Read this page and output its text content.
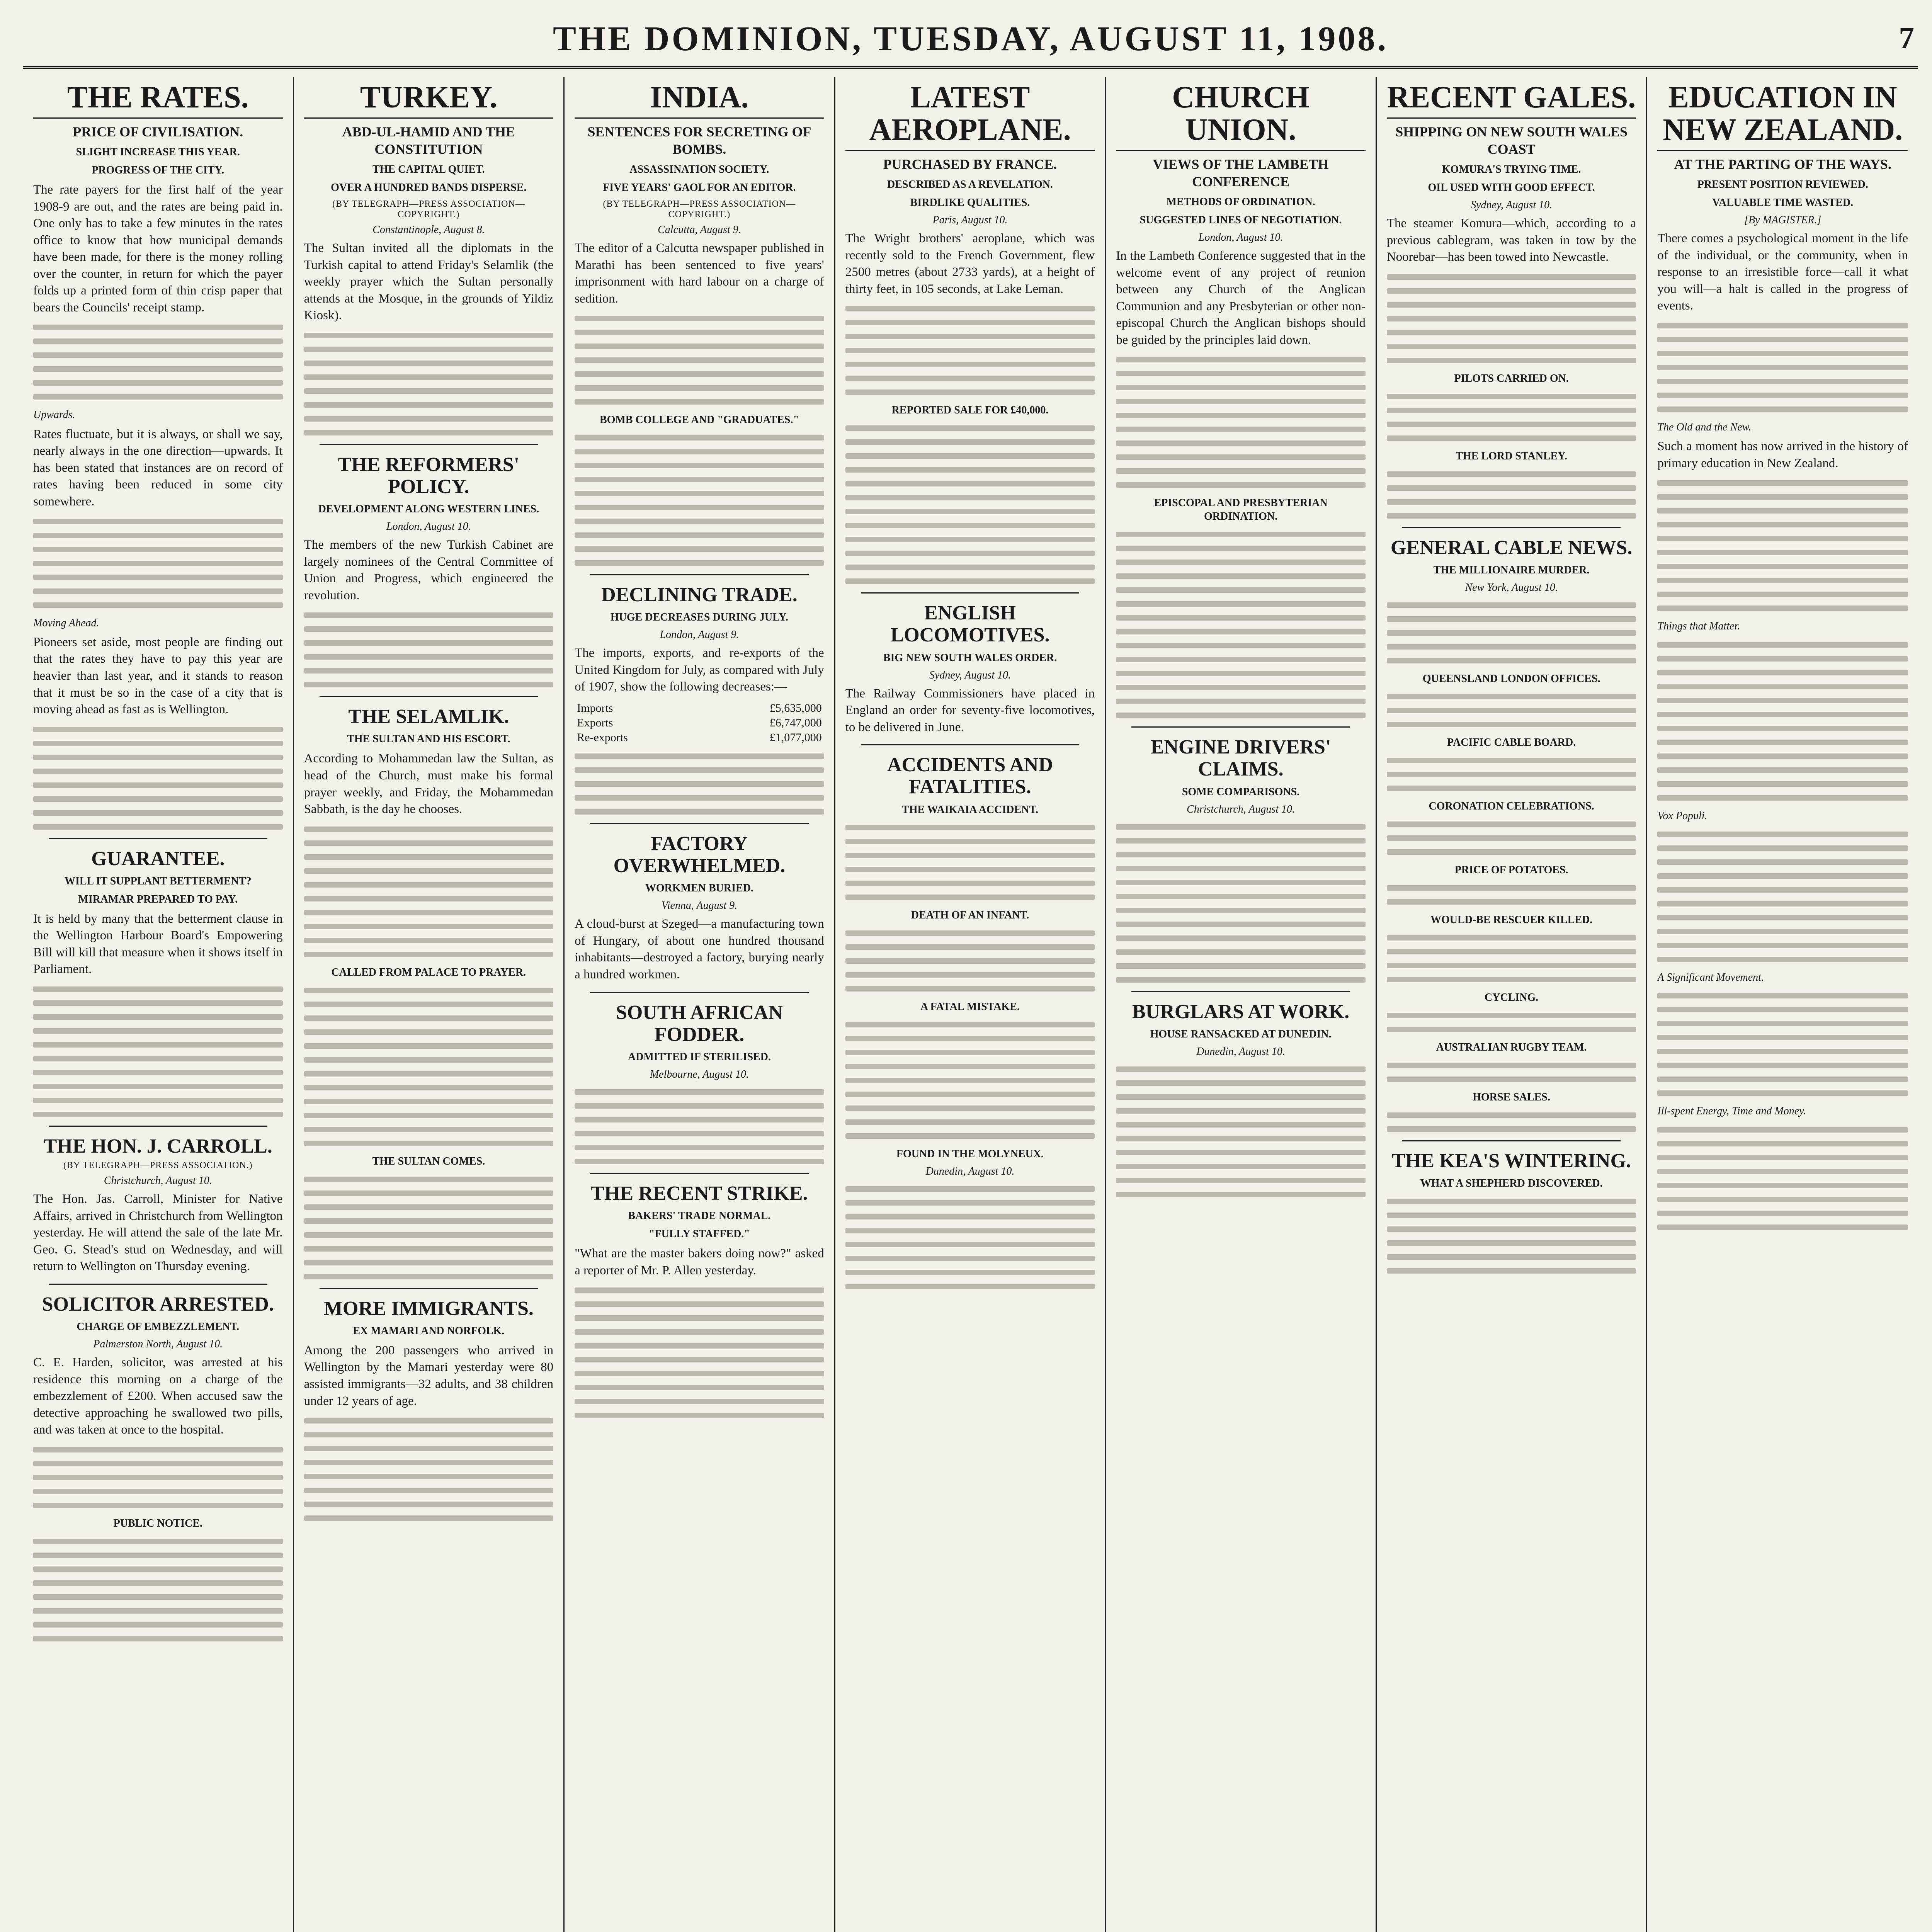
THE DOMINION, TUESDAY, AUGUST 11, 1908.	7
THE RATES.
PRICE OF CIVILISATION.
SLIGHT INCREASE THIS YEAR.
PROGRESS OF THE CITY.

The rate payers for the first half of the year 1908-9 are out, and the rates are being paid in. One only has to take a few minutes in the rates office to know that how municipal demands have been made, for there is the money rolling over the counter, in return for which the payer folds up a printed form of thin crisp paper that bears the Councils' receipt stamp.

Upwards.

Rates fluctuate, but it is always, or shall we say, nearly always in the one direction—upwards. It has been stated that instances are on record of rates having been reduced in some city somewhere.

Moving Ahead.

Pioneers set aside, most people are finding out that the rates they have to pay this year are heavier than last year, and it stands to reason that it must be so in the case of a city that is moving ahead as fast as is Wellington.

GUARANTEE.
WILL IT SUPPLANT BETTERMENT?
MIRAMAR PREPARED TO PAY.

It is held by many that the betterment clause in the Wellington Harbour Board's Empowering Bill will kill that measure when it shows itself in Parliament.

THE HON. J. CARROLL.
(BY TELEGRAPH—PRESS ASSOCIATION.)
Christchurch, August 10.

The Hon. Jas. Carroll, Minister for Native Affairs, arrived in Christchurch from Wellington yesterday. He will attend the sale of the late Mr. Geo. G. Stead's stud on Wednesday, and will return to Wellington on Thursday evening.

SOLICITOR ARRESTED.
CHARGE OF EMBEZZLEMENT.
Palmerston North, August 10.

C. E. Harden, solicitor, was arrested at his residence this morning on a charge of the embezzlement of £200. When accused saw the detective approaching he swallowed two pills, and was taken at once to the hospital.

PUBLIC NOTICE.
TURKEY.
ABD-UL-HAMID AND THE CONSTITUTION
THE CAPITAL QUIET.
OVER A HUNDRED BANDS DISPERSE.
(BY TELEGRAPH—PRESS ASSOCIATION—COPYRIGHT.)
Constantinople, August 8.

The Sultan invited all the diplomats in the Turkish capital to attend Friday's Selamlik (the weekly prayer which the Sultan personally attends at the Mosque, in the grounds of Yildiz Kiosk).

THE REFORMERS' POLICY.
DEVELOPMENT ALONG WESTERN LINES.
London, August 10.

The members of the new Turkish Cabinet are largely nominees of the Central Committee of Union and Progress, which engineered the revolution.

THE SELAMLIK.
THE SULTAN AND HIS ESCORT.

According to Mohammedan law the Sultan, as head of the Church, must make his formal prayer weekly, and Friday, the Mohammedan Sabbath, is the day he chooses.

CALLED FROM PALACE TO PRAYER.
THE SULTAN COMES.
MORE IMMIGRANTS.
EX MAMARI AND NORFOLK.

Among the 200 passengers who arrived in Wellington by the Mamari yesterday were 80 assisted immigrants—32 adults, and 38 children under 12 years of age.

INDIA.
SENTENCES FOR SECRETING OF BOMBS.
ASSASSINATION SOCIETY.
FIVE YEARS' GAOL FOR AN EDITOR.
(BY TELEGRAPH—PRESS ASSOCIATION—COPYRIGHT.)
Calcutta, August 9.

The editor of a Calcutta newspaper published in Marathi has been sentenced to five years' imprisonment with hard labour on a charge of sedition.

BOMB COLLEGE AND "GRADUATES."
DECLINING TRADE.
HUGE DECREASES DURING JULY.
London, August 9.

The imports, exports, and re-exports of the United Kingdom for July, as compared with July of 1907, show the following decreases:—

Imports	£5,635,000
Exports	£6,747,000
Re-exports	£1,077,000
FACTORY OVERWHELMED.
WORKMEN BURIED.
Vienna, August 9.

A cloud-burst at Szeged—a manufacturing town of Hungary, of about one hundred thousand inhabitants—destroyed a factory, burying nearly a hundred workmen.

SOUTH AFRICAN FODDER.
ADMITTED IF STERILISED.
Melbourne, August 10.
THE RECENT STRIKE.
BAKERS' TRADE NORMAL.
"FULLY STAFFED."

"What are the master bakers doing now?" asked a reporter of Mr. P. Allen yesterday.

LATEST AEROPLANE.
PURCHASED BY FRANCE.
DESCRIBED AS A REVELATION.
BIRDLIKE QUALITIES.
Paris, August 10.

The Wright brothers' aeroplane, which was recently sold to the French Government, flew 2500 metres (about 2733 yards), at a height of thirty feet, in 105 seconds, at Lake Leman.

REPORTED SALE FOR £40,000.
ENGLISH LOCOMOTIVES.
BIG NEW SOUTH WALES ORDER.
Sydney, August 10.

The Railway Commissioners have placed in England an order for seventy-five locomotives, to be delivered in June.

ACCIDENTS AND FATALITIES.
THE WAIKAIA ACCIDENT.
DEATH OF AN INFANT.
A FATAL MISTAKE.
FOUND IN THE MOLYNEUX.
Dunedin, August 10.
CHURCH UNION.
VIEWS OF THE LAMBETH CONFERENCE
METHODS OF ORDINATION.
SUGGESTED LINES OF NEGOTIATION.
London, August 10.

In the Lambeth Conference suggested that in the welcome event of any project of reunion between any Church of the Anglican Communion and any Presbyterian or other non-episcopal Church the Anglican bishops should be guided by the principles laid down.

EPISCOPAL AND PRESBYTERIAN ORDINATION.
ENGINE DRIVERS' CLAIMS.
SOME COMPARISONS.
Christchurch, August 10.
BURGLARS AT WORK.
HOUSE RANSACKED AT DUNEDIN.
Dunedin, August 10.
RECENT GALES.
SHIPPING ON NEW SOUTH WALES COAST
KOMURA'S TRYING TIME.
OIL USED WITH GOOD EFFECT.
Sydney, August 10.

The steamer Komura—which, according to a previous cablegram, was taken in tow by the Noorebar—has been towed into Newcastle.

PILOTS CARRIED ON.
THE LORD STANLEY.
GENERAL CABLE NEWS.
THE MILLIONAIRE MURDER.
New York, August 10.
QUEENSLAND LONDON OFFICES.
PACIFIC CABLE BOARD.
CORONATION CELEBRATIONS.
PRICE OF POTATOES.
WOULD-BE RESCUER KILLED.
CYCLING.
AUSTRALIAN RUGBY TEAM.
HORSE SALES.
THE KEA'S WINTERING.
WHAT A SHEPHERD DISCOVERED.
EDUCATION IN NEW ZEALAND.
AT THE PARTING OF THE WAYS.
PRESENT POSITION REVIEWED.
VALUABLE TIME WASTED.
[By MAGISTER.]

There comes a psychological moment in the life of the individual, or the community, when in response to an irresistible force—call it what you will—a halt is called in the progress of events.

The Old and the New.

Such a moment has now arrived in the history of primary education in New Zealand.

Things that Matter.
Vox Populi.
A Significant Movement.
Ill-spent Energy, Time and Money.
